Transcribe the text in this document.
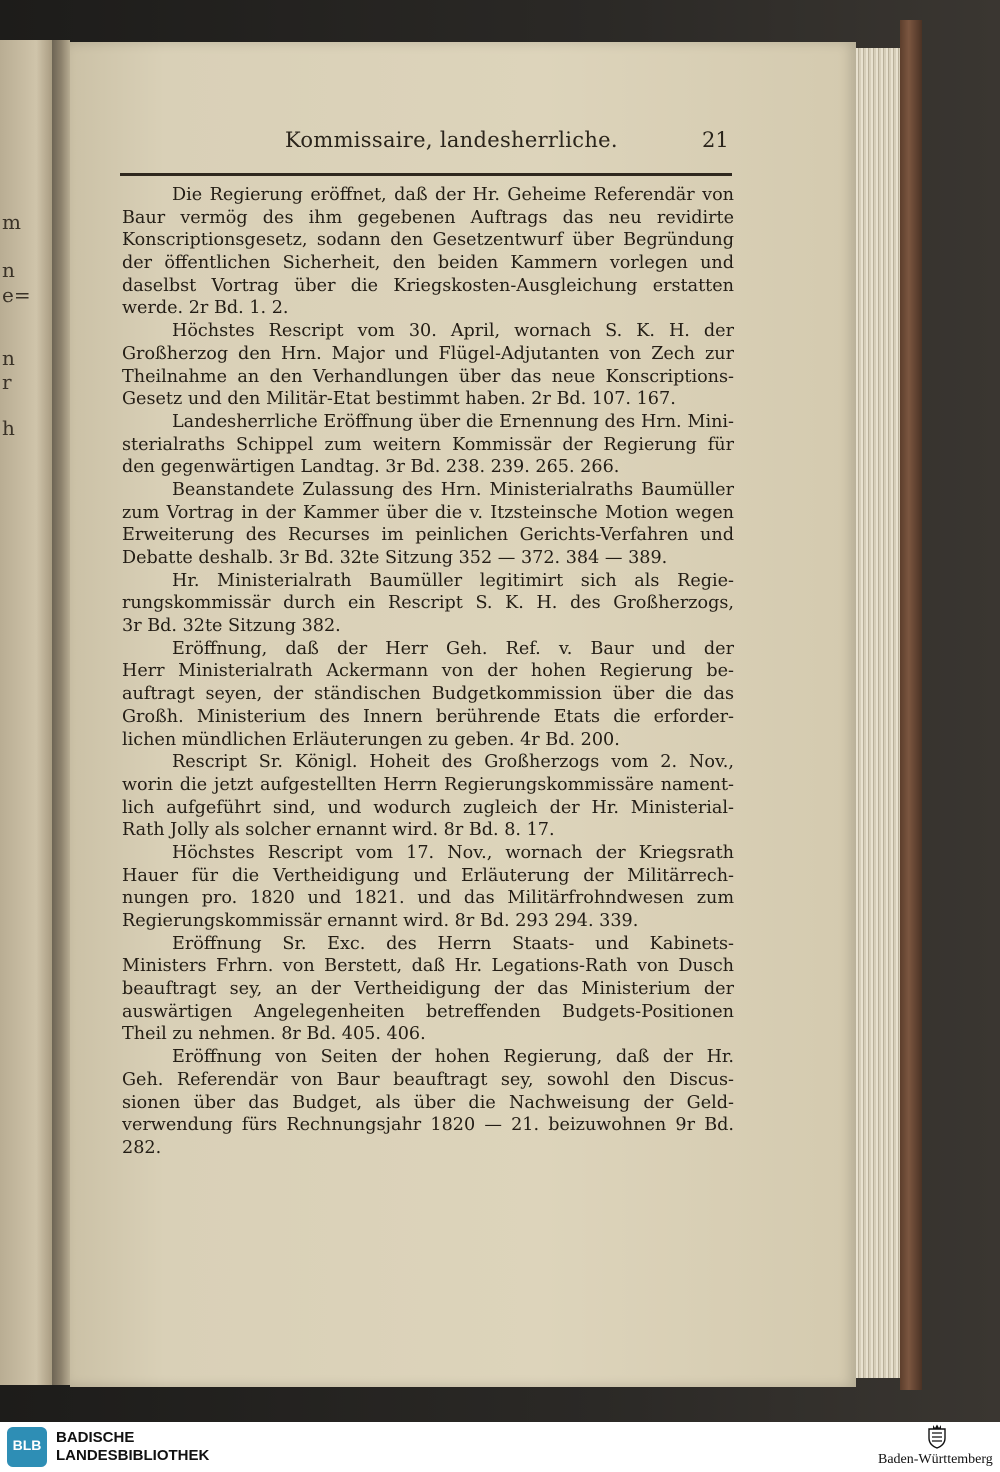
m
n
e=
n
r
h
Kommissaire, landesherrliche.	21
Die Regierung eröffnet, daß der Hr. Geheime Referendär von
Baur vermög des ihm gegebenen Auftrags das neu revidirte
Konscriptionsgesetz, sodann den Gesetzentwurf über Begründung
der öffentlichen Sicherheit, den beiden Kammern vorlegen und
daselbst Vortrag über die Kriegskosten-Ausgleichung erstatten
werde. 2r Bd. 1. 2.
Höchstes Rescript vom 30. April, wornach S. K. H. der
Großherzog den Hrn. Major und Flügel-Adjutanten von Zech zur
Theilnahme an den Verhandlungen über das neue Konscriptions-
Gesetz und den Militär-Etat bestimmt haben. 2r Bd. 107. 167.
Landesherrliche Eröffnung über die Ernennung des Hrn. Mini-
sterialraths Schippel zum weitern Kommissär der Regierung für
den gegenwärtigen Landtag. 3r Bd. 238. 239. 265. 266.
Beanstandete Zulassung des Hrn. Ministerialraths Baumüller
zum Vortrag in der Kammer über die v. Itzsteinsche Motion wegen
Erweiterung des Recurses im peinlichen Gerichts-Verfahren und
Debatte deshalb. 3r Bd. 32te Sitzung 352 — 372. 384 — 389.
Hr. Ministerialrath Baumüller legitimirt sich als Regie-
rungskommissär durch ein Rescript S. K. H. des Großherzogs,
3r Bd. 32te Sitzung 382.
Eröffnung, daß der Herr Geh. Ref. v. Baur und der
Herr Ministerialrath Ackermann von der hohen Regierung be-
auftragt seyen, der ständischen Budgetkommission über die das
Großh. Ministerium des Innern berührende Etats die erforder-
lichen mündlichen Erläuterungen zu geben. 4r Bd. 200.
Rescript Sr. Königl. Hoheit des Großherzogs vom 2. Nov.,
worin die jetzt aufgestellten Herrn Regierungskommissäre nament-
lich aufgeführt sind, und wodurch zugleich der Hr. Ministerial-
Rath Jolly als solcher ernannt wird. 8r Bd. 8. 17.
Höchstes Rescript vom 17. Nov., wornach der Kriegsrath
Hauer für die Vertheidigung und Erläuterung der Militärrech-
nungen pro. 1820 und 1821. und das Militärfrohndwesen zum
Regierungskommissär ernannt wird. 8r Bd. 293 294. 339.
Eröffnung Sr. Exc. des Herrn Staats- und Kabinets-
Ministers Frhrn. von Berstett, daß Hr. Legations-Rath von Dusch
beauftragt sey, an der Vertheidigung der das Ministerium der
auswärtigen Angelegenheiten betreffenden Budgets-Positionen
Theil zu nehmen. 8r Bd. 405. 406.
Eröffnung von Seiten der hohen Regierung, daß der Hr.
Geh. Referendär von Baur beauftragt sey, sowohl den Discus-
sionen über das Budget, als über die Nachweisung der Geld-
verwendung fürs Rechnungsjahr 1820 — 21. beizuwohnen 9r Bd.
282.
BLB BADISCHE
LANDESBIBLIOTHEK	Baden-Württemberg
